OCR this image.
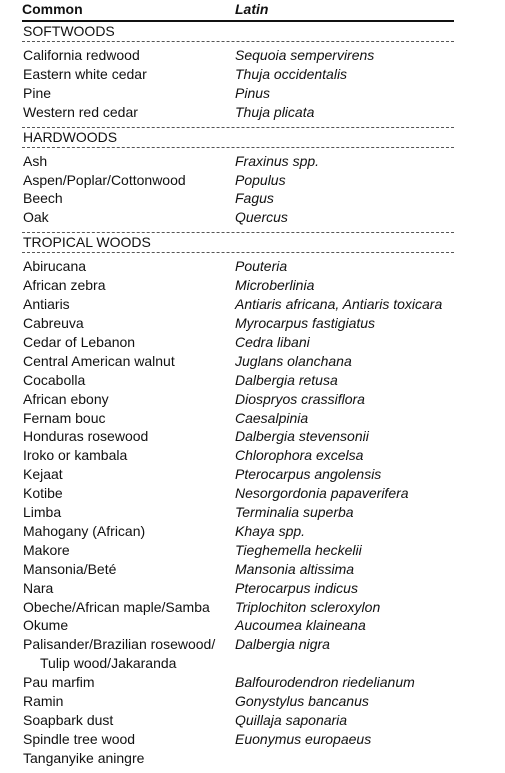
Common	Latin
SOFTWOODS
California redwood	Sequoia sempervirens
Eastern white cedar	Thuja occidentalis
Pine	Pinus
Western red cedar	Thuja plicata
HARDWOODS
Ash	Fraxinus spp.
Aspen/Poplar/Cottonwood	Populus
Beech	Fagus
Oak	Quercus
TROPICAL WOODS
Abirucana	Pouteria
African zebra	Microberlinia
Antiaris	Antiaris africana, Antiaris toxicara
Cabreuva	Myrocarpus fastigiatus
Cedar of Lebanon	Cedra libani
Central American walnut	Juglans olanchana
Cocabolla	Dalbergia retusa
African ebony	Diospryos crassiflora
Fernam bouc	Caesalpinia
Honduras rosewood	Dalbergia stevensonii
Iroko or kambala	Chlorophora excelsa
Kejaat	Pterocarpus angolensis
Kotibe	Nesorgordonia papaverifera
Limba	Terminalia superba
Mahogany (African)	Khaya spp.
Makore	Tieghemella heckelii
Mansonia/Beté	Mansonia altissima
Nara	Pterocarpus indicus
Obeche/African maple/Samba	Triplochiton scleroxylon
Okume	Aucoumea klaineana
Palisander/Brazilian rosewood/	Dalbergia nigra
Tulip wood/Jakaranda
Pau marfim	Balfourodendron riedelianum
Ramin	Gonystylus bancanus
Soapbark dust	Quillaja saponaria
Spindle tree wood	Euonymus europaeus
Tanganyike aningre
